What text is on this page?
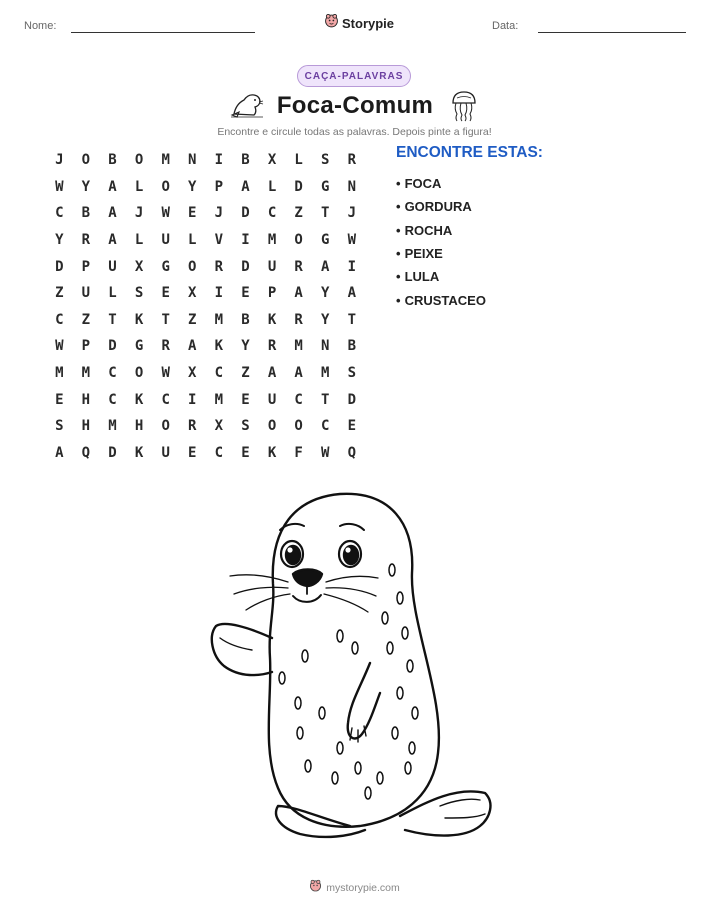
Nome:	Storypie	Data:
CAÇA-PALAVRAS
Foca-Comum
Encontre e circule todas as palavras. Depois pinte a figura!
J	O	B	O	M	N	I	B	X	L	S	R
W	Y	A	L	O	Y	P	A	L	D	G	N
C	B	A	J	W	E	J	D	C	Z	T	J
Y	R	A	L	U	L	V	I	M	O	G	W
D	P	U	X	G	O	R	D	U	R	A	I
Z	U	L	S	E	X	I	E	P	A	Y	A
C	Z	T	K	T	Z	M	B	K	R	Y	T
W	P	D	G	R	A	K	Y	R	M	N	B
M	M	C	O	W	X	C	Z	A	A	M	S
E	H	C	K	C	I	M	E	U	C	T	D
S	H	M	H	O	R	X	S	O	O	C	E
A	Q	D	K	U	E	C	E	K	F	W	Q
ENCONTRE ESTAS:
• FOCA
• GORDURA
• ROCHA
• PEIXE
• LULA
• CRUSTACEO
mystorypie.com
